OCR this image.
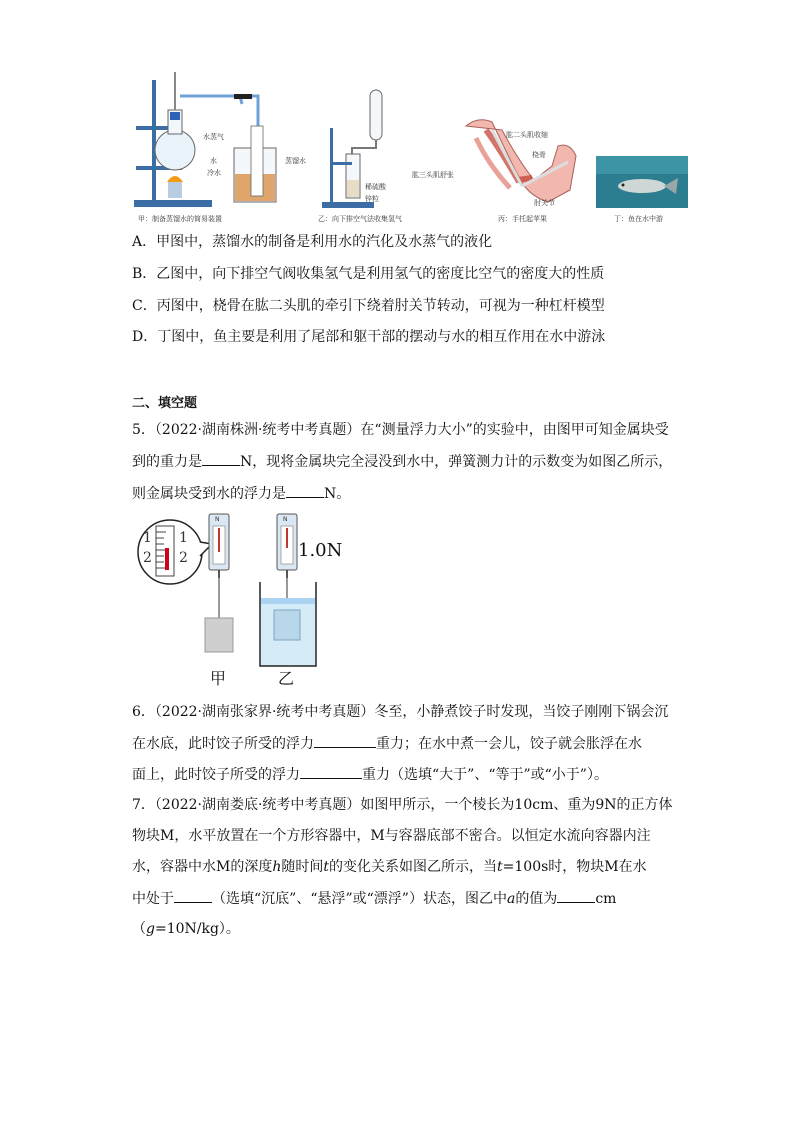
水蒸气
水
冷水
蒸馏水
甲：制备蒸馏水的简易装置
稀硫酸
锌粒
乙：向下排空气法收集氢气
肱二头肌收缩
桡骨
肱三头肌舒张
肘关节
丙：手托起苹果	丁：鱼在水中游
A．甲图中，蒸馏水的制备是利用水的汽化及水蒸气的液化
B．乙图中，向下排空气阀收集氢气是利用氢气的密度比空气的密度大的性质
C．丙图中，桡骨在肱二头肌的牵引下绕着肘关节转动，可视为一种杠杆模型
D．丁图中，鱼主要是利用了尾部和躯干部的摆动与水的相互作用在水中游泳
二、填空题
5．（2022·湖南株洲·统考中考真题）在“测量浮力大小”的实验中，由图甲可知金属块受
到的重力是	N，现将金属块完全浸没到水中，弹簧测力计的示数变为如图乙所示，
则金属块受到水的浮力是	N。
1
2
1
2
N	N
1.0N
甲	乙
6．（2022·湖南张家界·统考中考真题）冬至，小静煮饺子时发现，当饺子刚刚下锅会沉
在水底，此时饺子所受的浮力	重力；在水中煮一会儿，饺子就会胀浮在水
面上，此时饺子所受的浮力	重力（选填“大于”、“等于”或“小于”）。
7．（2022·湖南娄底·统考中考真题）如图甲所示，一个棱长为10cm、重为9N的正方体
物块M，水平放置在一个方形容器中，M与容器底部不密合。以恒定水流向容器内注
水，容器中水M的深度h随时间t的变化关系如图乙所示，当t=100s时，物块M在水
中处于	（选填“沉底”、“悬浮”或“漂浮”）状态，图乙中a的值为	cm
（g=10N/kg）。
